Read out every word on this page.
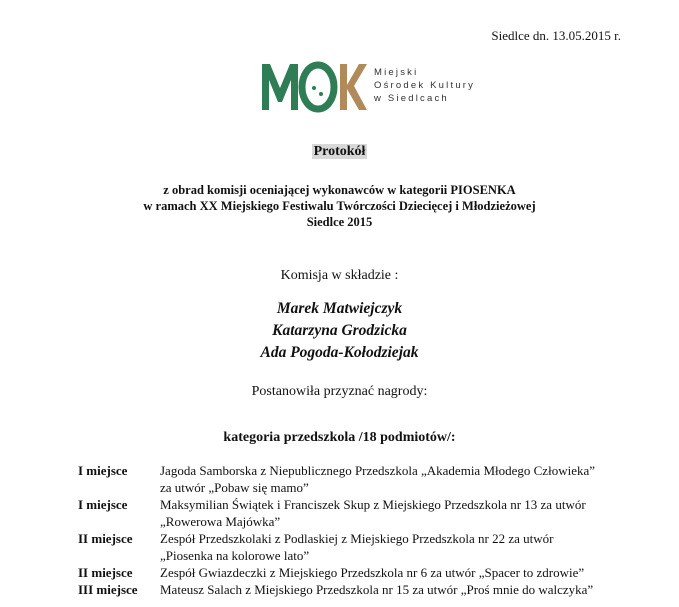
Siedlce dn. 13.05.2015 r.
Miejski
Ośrodek Kultury
w Siedlcach
Protokół
z obrad komisji oceniającej wykonawców w kategorii PIOSENKA
w ramach XX Miejskiego Festiwalu Twórczości Dziecięcej i Młodzieżowej
Siedlce 2015
Komisja w składzie :
Marek Matwiejczyk
Katarzyna Grodzicka
Ada Pogoda-Kołodziejak
Postanowiła przyznać nagrody:
kategoria przedszkola /18 podmiotów/:
I miejsce	Jagoda Samborska z Niepublicznego Przedszkola „Akademia Młodego Człowieka”
za utwór „Pobaw się mamo”
I miejsce	Maksymilian Świątek i Franciszek Skup z Miejskiego Przedszkola nr 13 za utwór
„Rowerowa Majówka”
II miejsce	Zespół Przedszkolaki z Podlaskiej z Miejskiego Przedszkola nr 22 za utwór
„Piosenka na kolorowe lato”
II miejsce	Zespół Gwiazdeczki z Miejskiego Przedszkola nr 6 za utwór „Spacer to zdrowie”
III miejsce	Mateusz Salach z Miejskiego Przedszkola nr 15 za utwór „Proś mnie do walczyka”
